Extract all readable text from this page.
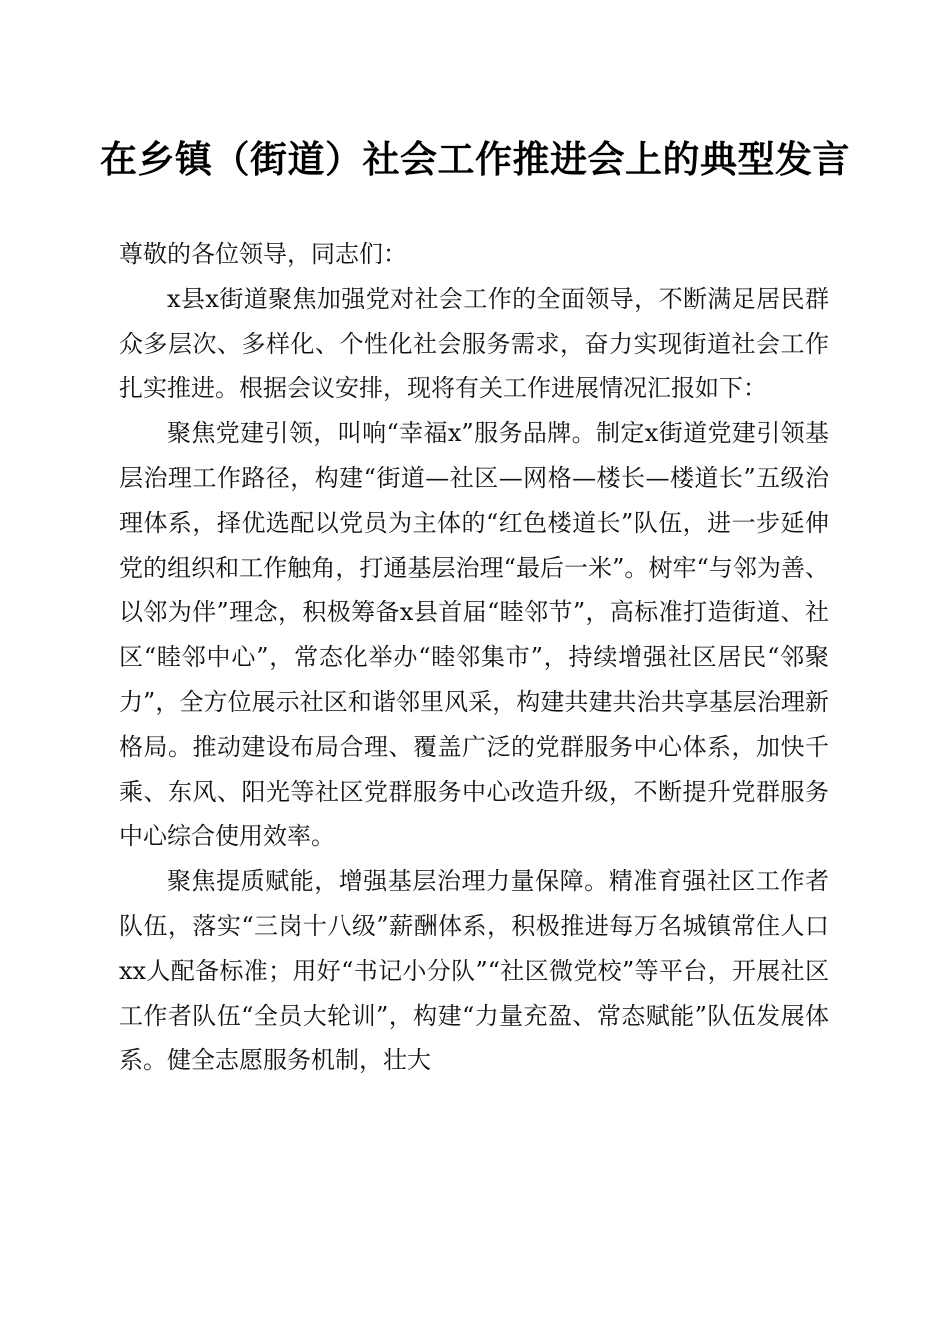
在乡镇（街道）社会工作推进会上的典型发言

尊敬的各位领导，同志们：

x县x街道聚焦加强党对社会工作的全面领导，不断满足居民群众多层次、多样化、个性化社会服务需求，奋力实现街道社会工作扎实推进。根据会议安排，现将有关工作进展情况汇报如下：

聚焦党建引领，叫响“幸福x”服务品牌。制定x街道党建引领基层治理工作路径，构建“街道—社区—网格—楼长—楼道长”五级治理体系，择优选配以党员为主体的“红色楼道长”队伍，进一步延伸党的组织和工作触角，打通基层治理“最后一米”。树牢“与邻为善、以邻为伴”理念，积极筹备x县首届“睦邻节”，高标准打造街道、社区“睦邻中心”，常态化举办“睦邻集市”，持续增强社区居民“邻聚力”，全方位展示社区和谐邻里风采，构建共建共治共享基层治理新格局。推动建设布局合理、覆盖广泛的党群服务中心体系，加快千乘、东风、阳光等社区党群服务中心改造升级，不断提升党群服务中心综合使用效率。

聚焦提质赋能，增强基层治理力量保障。精准育强社区工作者队伍，落实“三岗十八级”薪酬体系，积极推进每万名城镇常住人口xx人配备标准；用好“书记小分队”“社区微党校”等平台，开展社区工作者队伍“全员大轮训”，构建“力量充盈、常态赋能”队伍发展体系。健全志愿服务机制，壮大
